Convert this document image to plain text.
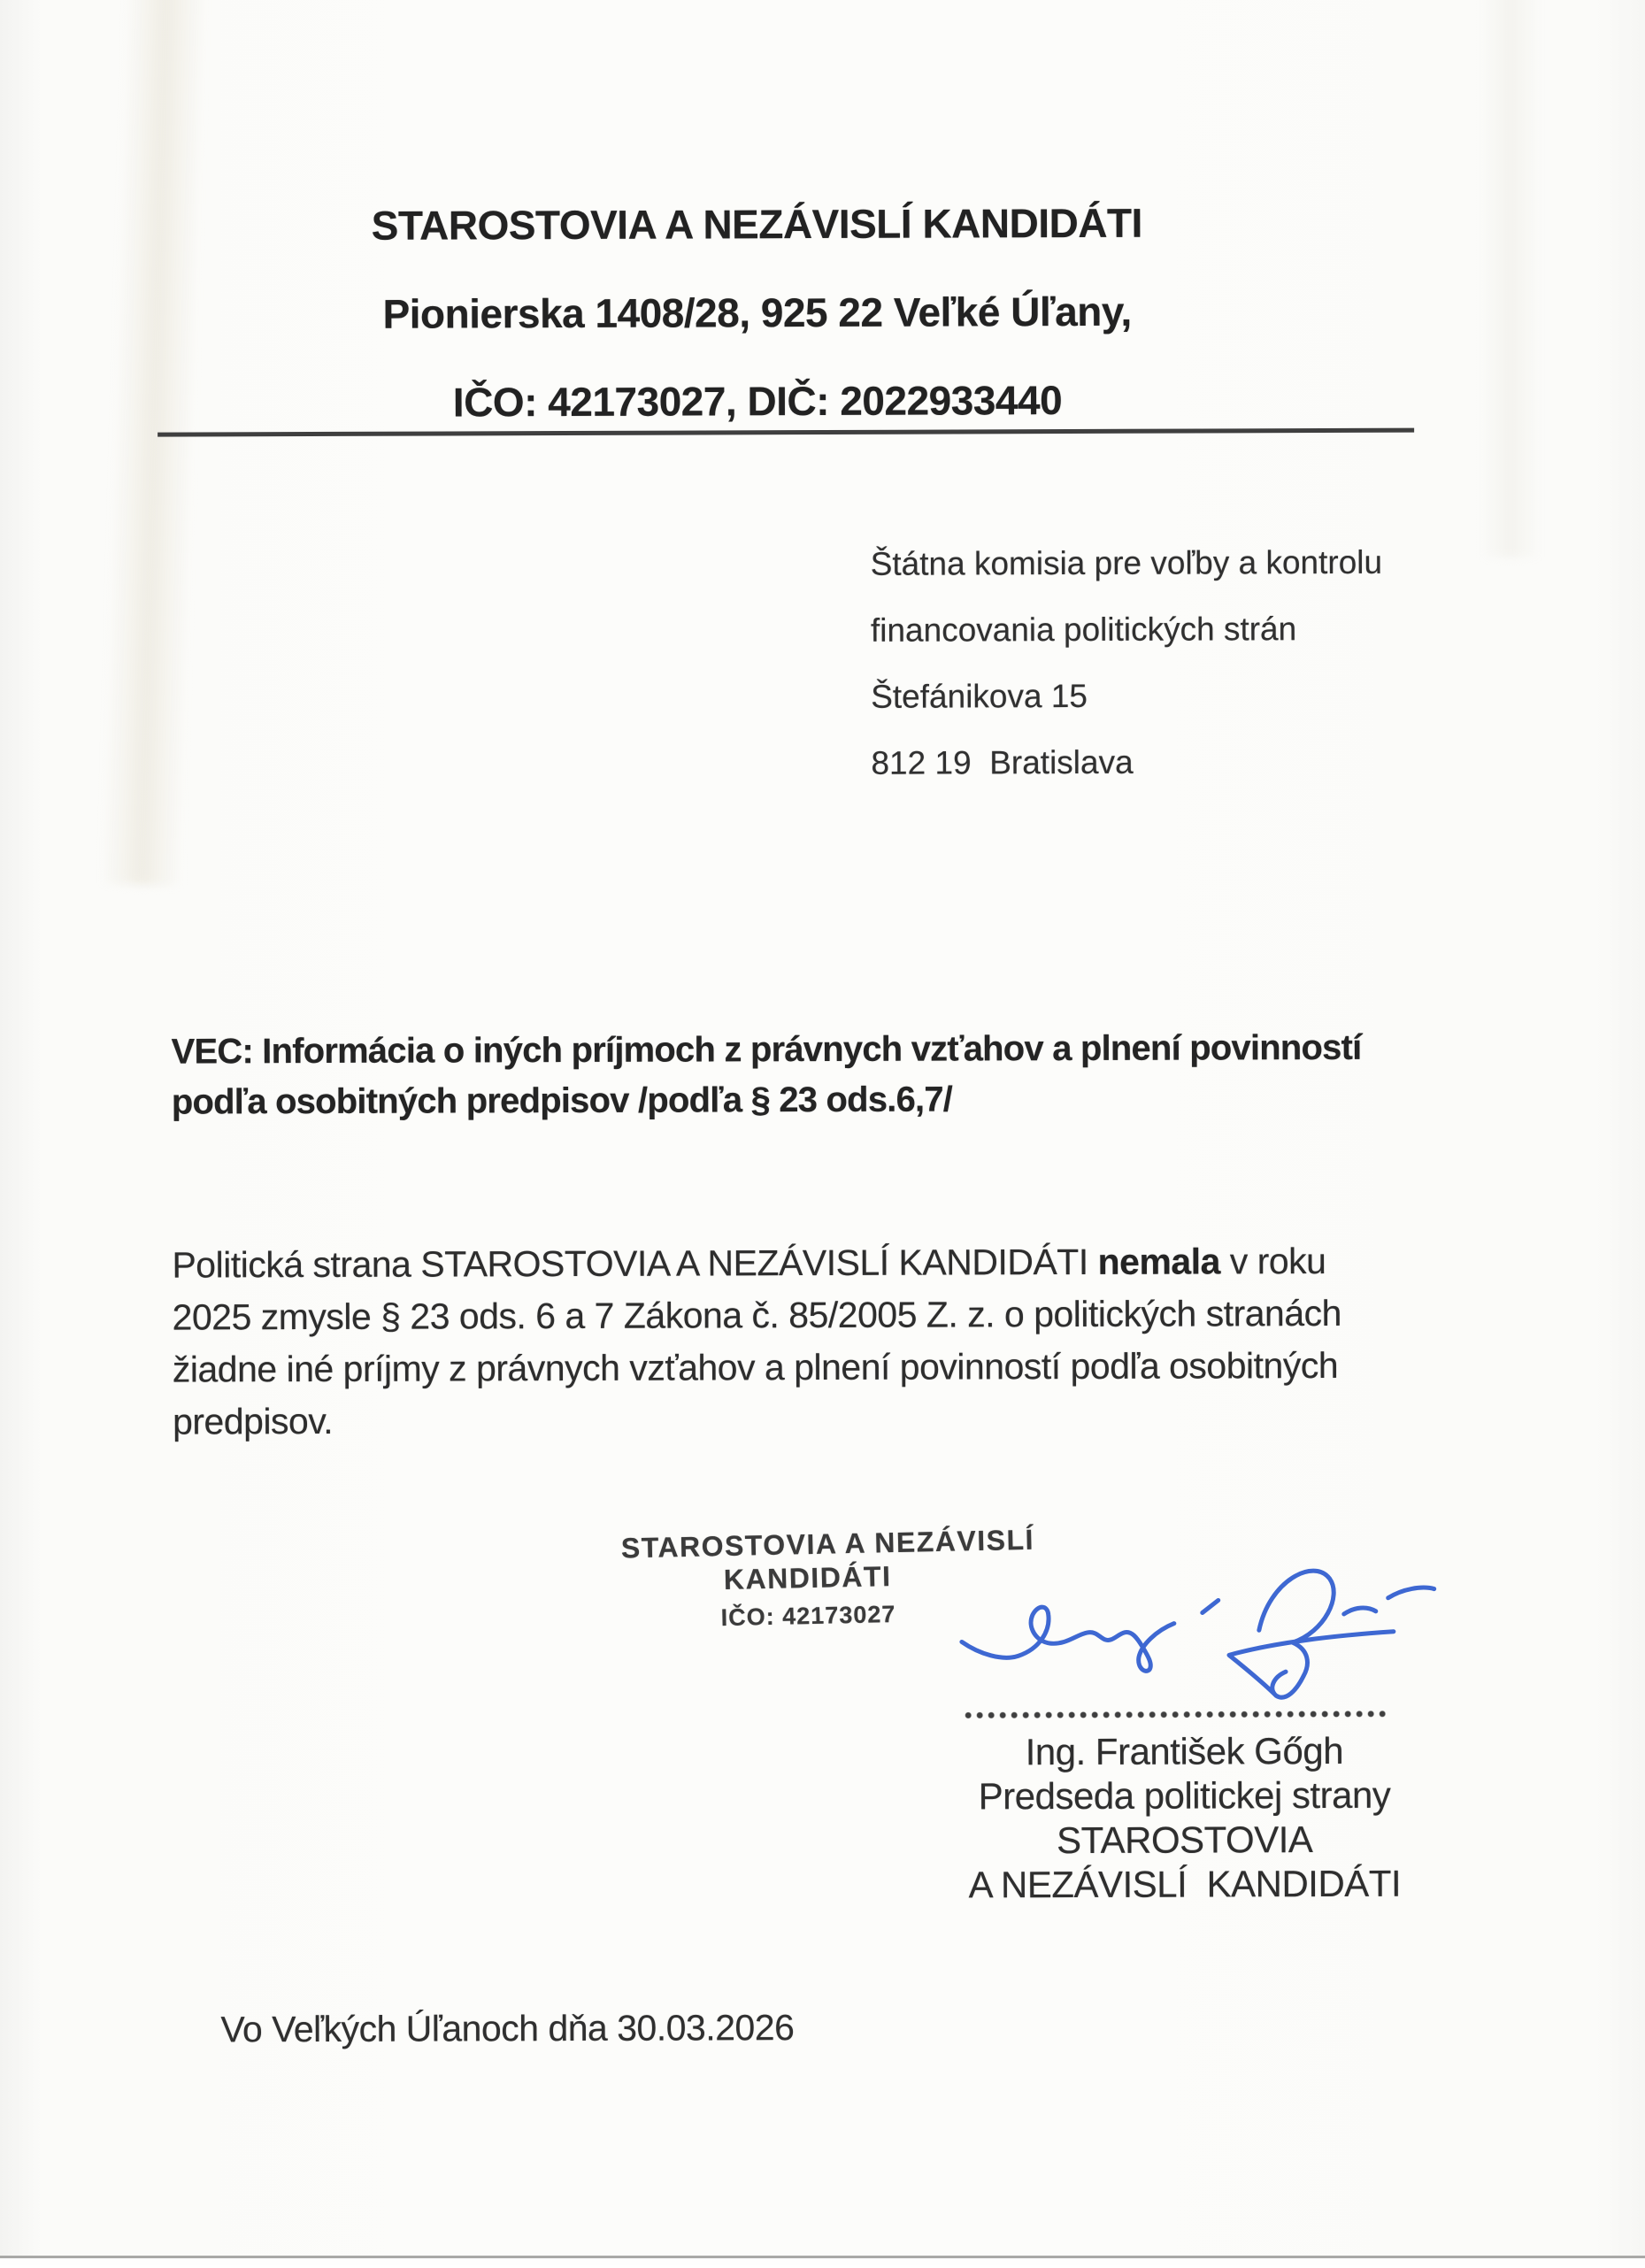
STAROSTOVIA A NEZÁVISLÍ KANDIDÁTI
Pionierska 1408/28, 925 22 Veľké Úľany,
IČO: 42173027, DIČ: 2022933440
Štátna komisia pre voľby a kontrolu
financovania politických strán
Štefánikova 15
812 19  Bratislava
VEC: Informácia o iných príjmoch z právnych vzťahov a plnení povinností
podľa osobitných predpisov /podľa § 23 ods.6,7/
Politická strana STAROSTOVIA A NEZÁVISLÍ KANDIDÁTI nemala v roku
2025 zmysle § 23 ods. 6 a 7 Zákona č. 85/2005 Z. z. o politických stranách
žiadne iné príjmy z právnych vzťahov a plnení povinností podľa osobitných
predpisov.
STAROSTOVIA A NEZÁVISLÍ
KANDIDÁTI
IČO: 42173027
Ing. František Gőgh
Predseda politickej strany
STAROSTOVIA
A NEZÁVISLÍ  KANDIDÁTI
Vo Veľkých Úľanoch dňa 30.03.2026
